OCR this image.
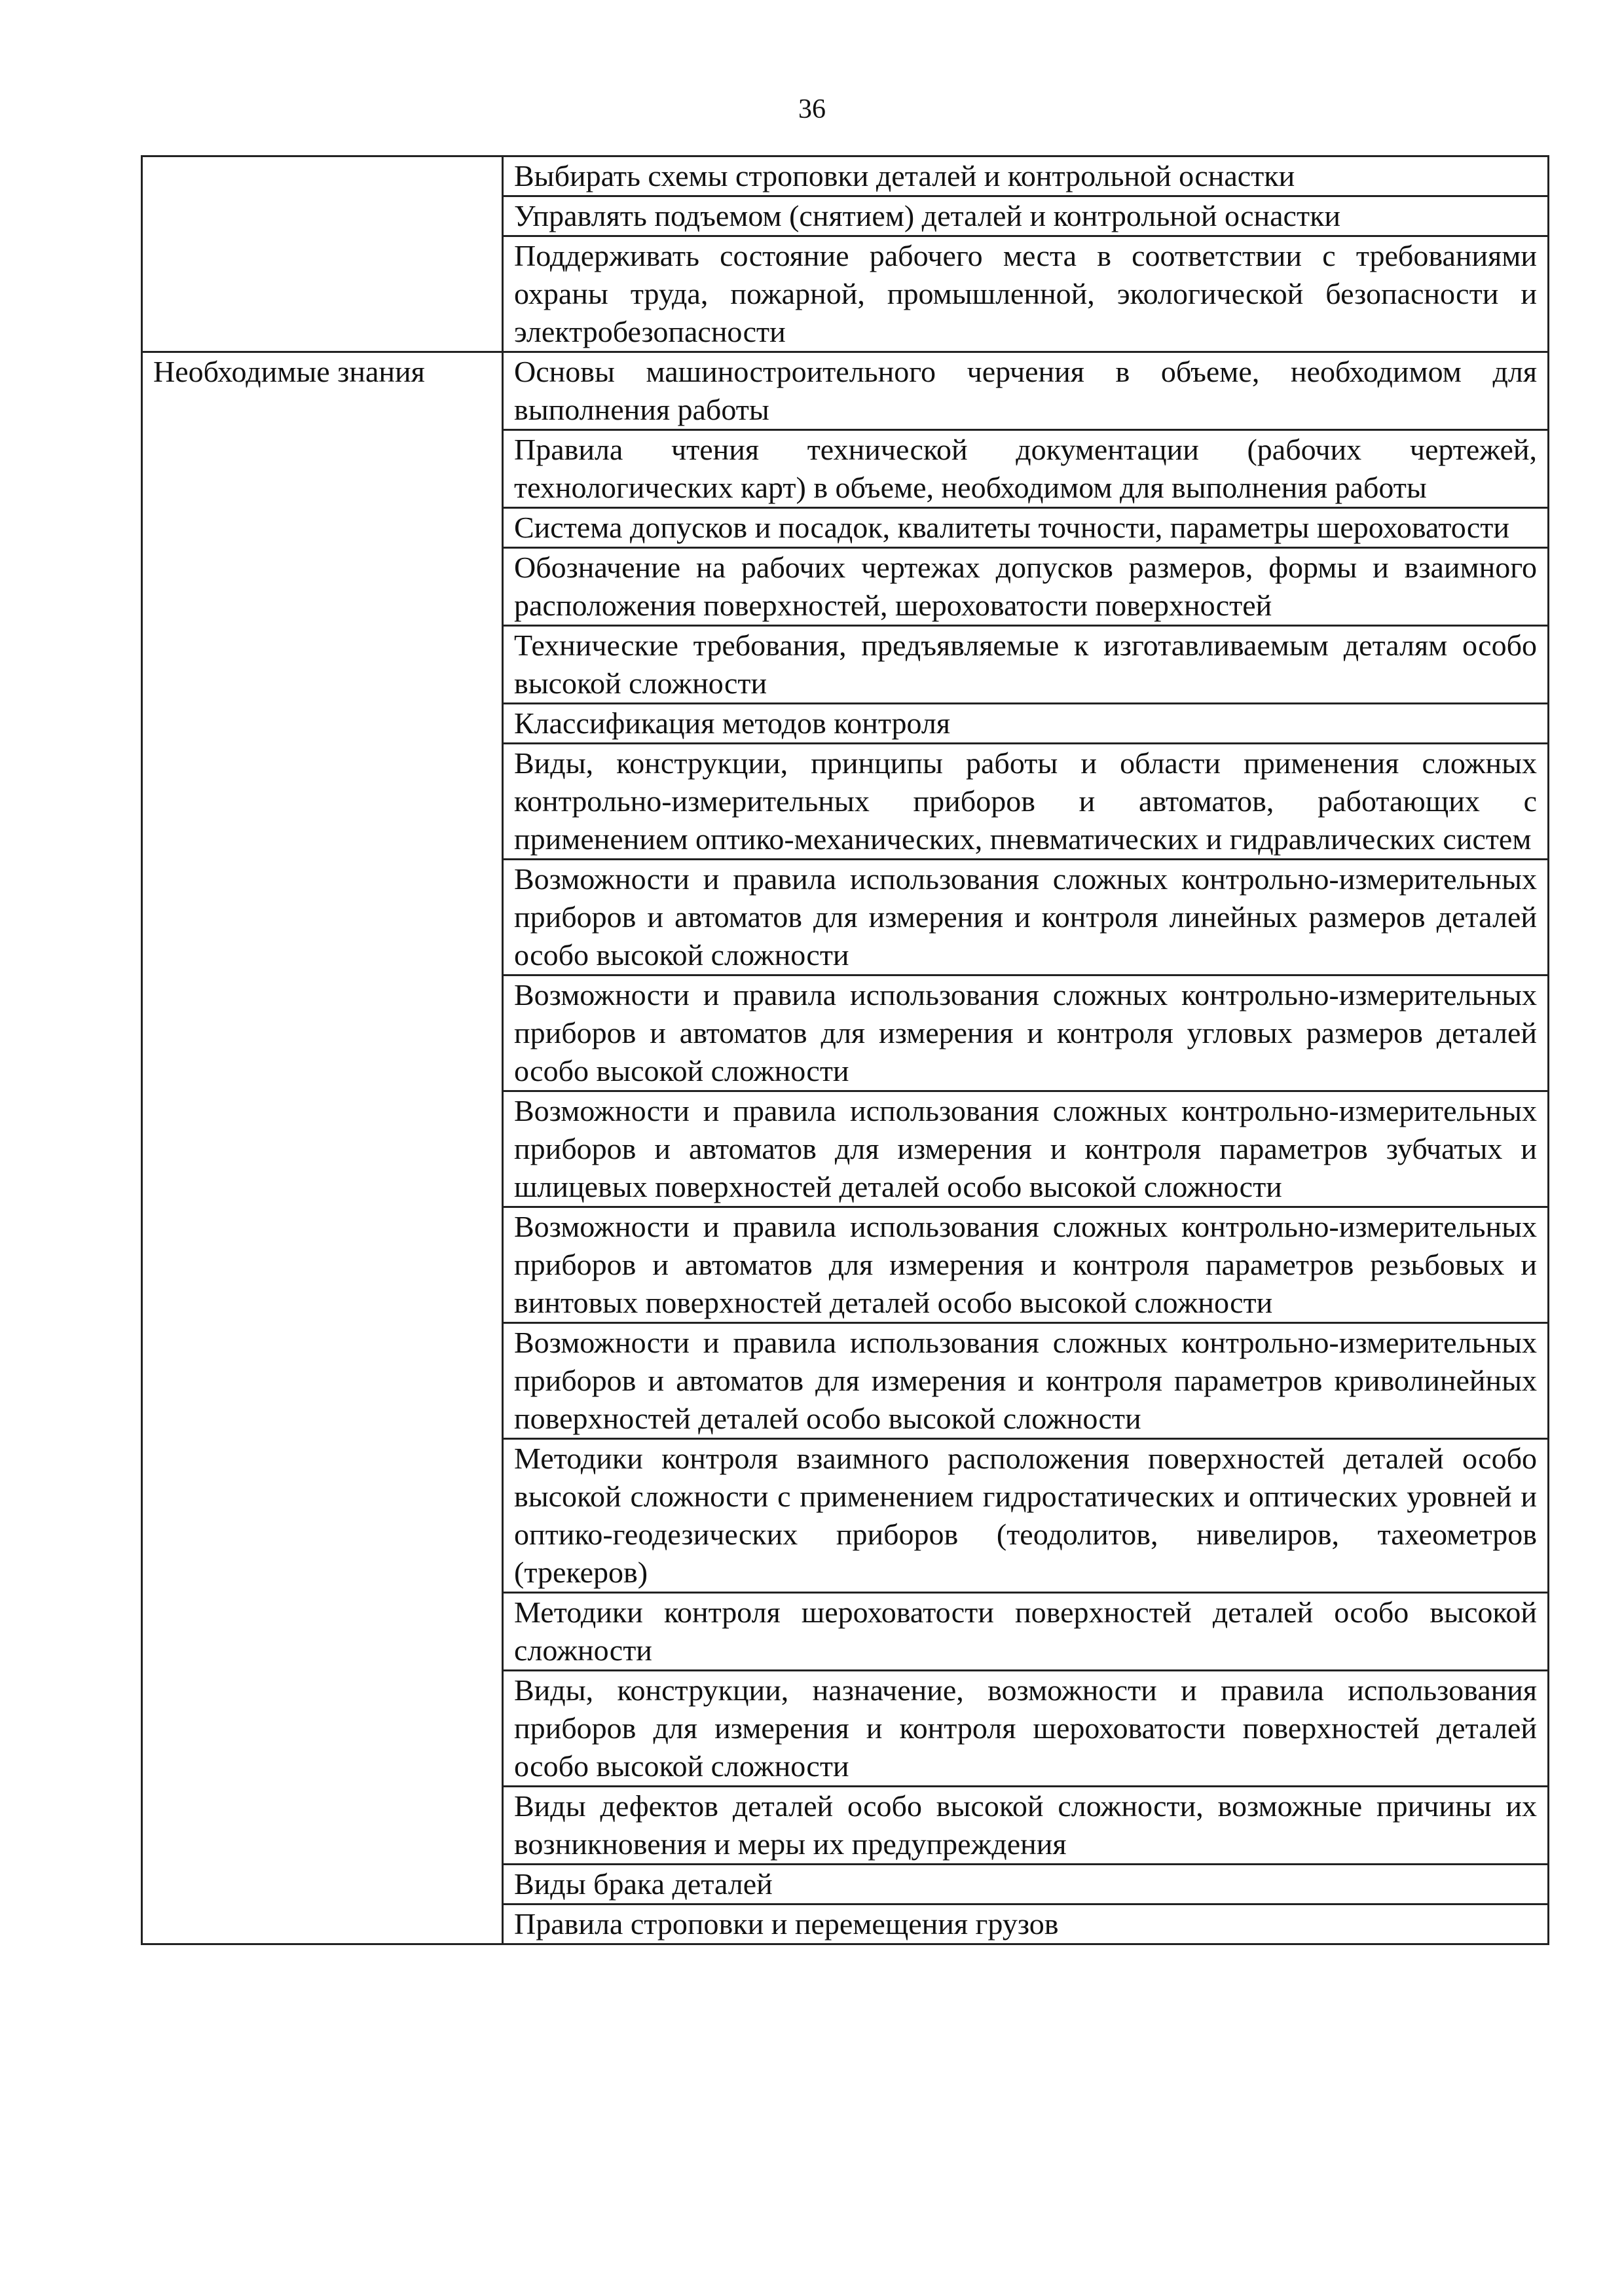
36

	Выбирать схемы строповки деталей и контрольной оснастки

	Управлять подъемом (снятием) деталей и контрольной оснастки

	Поддерживать состояние рабочего места в соответствии с требованиями охраны труда, пожарной, промышленной, экологической безопасности и электробезопасности

Необходимые знания	Основы машиностроительного черчения в объеме, необходимом для выполнения работы

	Правила чтения технической документации (рабочих чертежей, технологических карт) в объеме, необходимом для выполнения работы

	Система допусков и посадок, квалитеты точности, параметры шероховатости

	Обозначение на рабочих чертежах допусков размеров, формы и взаимного расположения поверхностей, шероховатости поверхностей

	Технические требования, предъявляемые к изготавливаемым деталям особо высокой сложности

	Классификация методов контроля

	Виды, конструкции, принципы работы и области применения сложных контрольно-измерительных приборов и автоматов, работающих с применением оптико-механических, пневматических и гидравлических систем

	Возможности и правила использования сложных контрольно-измерительных приборов и автоматов для измерения и контроля линейных размеров деталей особо высокой сложности

	Возможности и правила использования сложных контрольно-измерительных приборов и автоматов для измерения и контроля угловых размеров деталей особо высокой сложности

	Возможности и правила использования сложных контрольно-измерительных приборов и автоматов для измерения и контроля параметров зубчатых и шлицевых поверхностей деталей особо высокой сложности

	Возможности и правила использования сложных контрольно-измерительных приборов и автоматов для измерения и контроля параметров резьбовых и винтовых поверхностей деталей особо высокой сложности

	Возможности и правила использования сложных контрольно-измерительных приборов и автоматов для измерения и контроля параметров криволинейных поверхностей деталей особо высокой сложности

	Методики контроля взаимного расположения поверхностей деталей особо высокой сложности с применением гидростатических и оптических уровней и оптико-геодезических приборов (теодолитов, нивелиров, тахеометров (трекеров)

	Методики контроля шероховатости поверхностей деталей особо высокой сложности

	Виды, конструкции, назначение, возможности и правила использования приборов для измерения и контроля шероховатости поверхностей деталей особо высокой сложности

	Виды дефектов деталей особо высокой сложности, возможные причины их возникновения и меры их предупреждения

	Виды брака деталей

	Правила строповки и перемещения грузов
